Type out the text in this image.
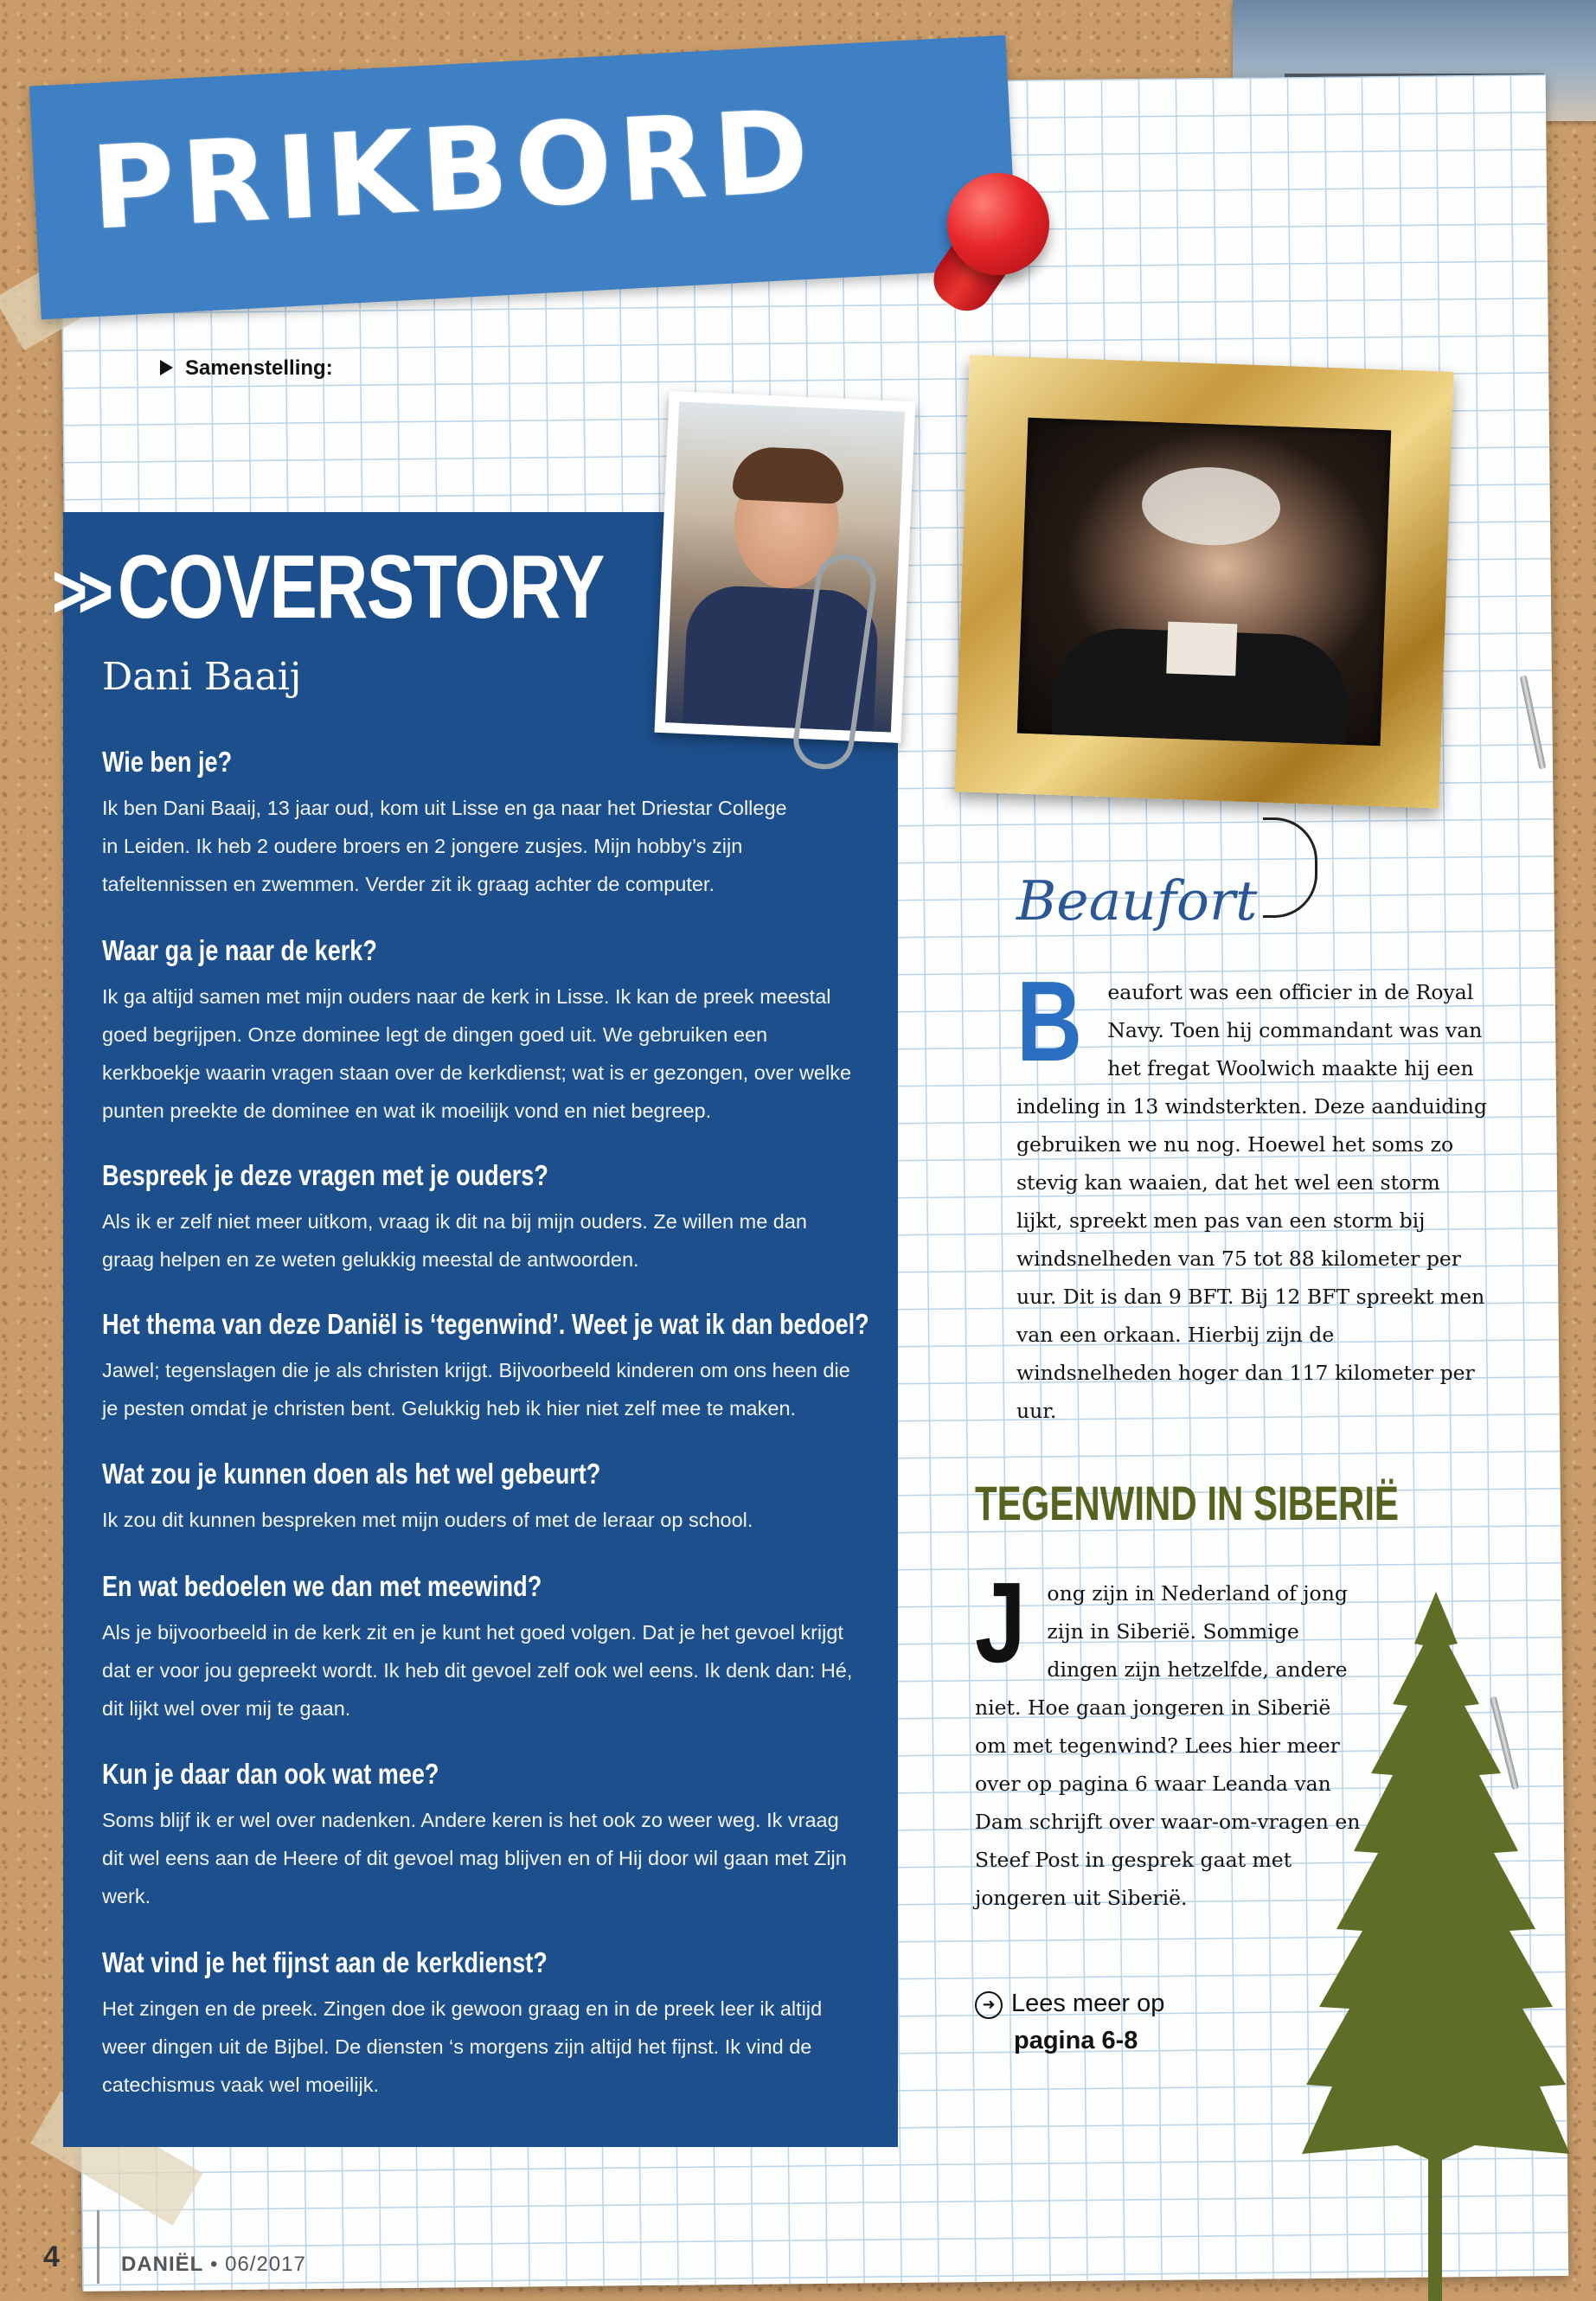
PRIKBORD
Samenstelling:
>> COVERSTORY
Dani Baaij
Wie ben je?
Ik ben Dani Baaij, 13 jaar oud, kom uit Lisse en ga naar het Driestar College in Leiden. Ik heb 2 oudere broers en 2 jongere zusjes. Mijn hobby’s zijn tafeltennissen en zwemmen. Verder zit ik graag achter de computer.
Waar ga je naar de kerk?
Ik ga altijd samen met mijn ouders naar de kerk in Lisse. Ik kan de preek meestal goed begrijpen. Onze dominee legt de dingen goed uit. We gebruiken een kerkboekje waarin vragen staan over de kerkdienst; wat is er gezongen, over welke punten preekte de dominee en wat ik moeilijk vond en niet begreep.
Bespreek je deze vragen met je ouders?
Als ik er zelf niet meer uitkom, vraag ik dit na bij mijn ouders. Ze willen me dan graag helpen en ze weten gelukkig meestal de antwoorden.
Het thema van deze Daniël is ‘tegenwind’. Weet je wat ik dan bedoel?
Jawel; tegenslagen die je als christen krijgt. Bijvoorbeeld kinderen om ons heen die je pesten omdat je christen bent. Gelukkig heb ik hier niet zelf mee te maken.
Wat zou je kunnen doen als het wel gebeurt?
Ik zou dit kunnen bespreken met mijn ouders of met de leraar op school.
En wat bedoelen we dan met meewind?
Als je bijvoorbeeld in de kerk zit en je kunt het goed volgen. Dat je het gevoel krijgt dat er voor jou gepreekt wordt. Ik heb dit gevoel zelf ook wel eens. Ik denk dan: Hé, dit lijkt wel over mij te gaan.
Kun je daar dan ook wat mee?
Soms blijf ik er wel over nadenken. Andere keren is het ook zo weer weg. Ik vraag dit wel eens aan de Heere of dit gevoel mag blijven en of Hij door wil gaan met Zijn werk.
Wat vind je het fijnst aan de kerkdienst?
Het zingen en de preek. Zingen doe ik gewoon graag en in de preek leer ik altijd weer dingen uit de Bijbel. De diensten ‘s morgens zijn altijd het fijnst. Ik vind de catechismus vaak wel moeilijk.
Beaufort
B eaufort was een officier in de Royal Navy. Toen hij commandant was van het fregat Woolwich maakte hij een indeling in 13 windsterkten. Deze aanduiding gebruiken we nu nog. Hoewel het soms zo stevig kan waaien, dat het wel een storm lijkt, spreekt men pas van een storm bij windsnelheden van 75 tot 88 kilometer per uur. Dit is dan 9 BFT. Bij 12 BFT spreekt men van een orkaan. Hierbij zijn de windsnelheden hoger dan 117 kilometer per uur.
TEGENWIND IN SIBERIË
J ong zijn in Nederland of jong zijn in Siberië. Sommige dingen zijn hetzelfde, andere niet. Hoe gaan jongeren in Siberië om met tegenwind? Lees hier meer over op pagina 6 waar Leanda van Dam schrijft over waar-om-vragen en Steef Post in gesprek gaat met jongeren uit Siberië.
➜ Lees meer op
pagina 6-8
4	DANIËL • 06/2017
